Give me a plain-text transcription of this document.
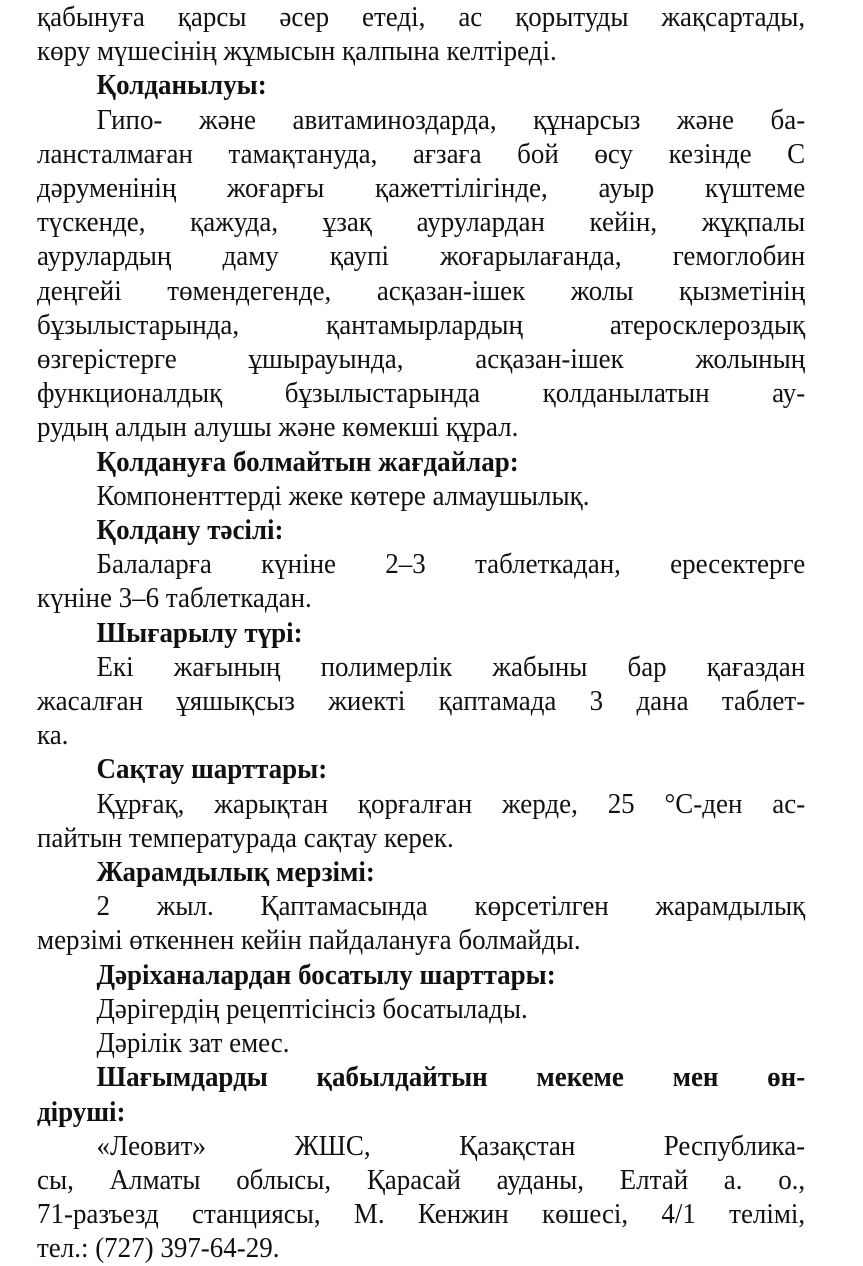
қабынуға қарсы әсер етеді, ас қорытуды жақсартады,
көру мүшесінің жұмысын қалпына келтіреді.
Қолданылуы:
Гипо- және авитаминоздарда, құнарсыз және ба-
лансталмаған тамақтануда, ағзаға бой өсу кезінде С
дәруменінің жоғарғы қажеттілігінде, ауыр күштеме
түскенде, қажуда, ұзақ аурулардан кейін, жұқпалы
аурулардың даму қаупі жоғарылағанда, гемоглобин
деңгейі төмендегенде, асқазан-ішек жолы қызметінің
бұзылыстарында, қантамырлардың атеросклероздық
өзгерістерге ұшырауында, асқазан-ішек жолының
функционалдық бұзылыстарында қолданылатын ау-
рудың алдын алушы және көмекші құрал.
Қолдануға болмайтын жағдайлар:
Компоненттерді жеке көтере алмаушылық.
Қолдану тәсілі:
Балаларға күніне 2–3 таблеткадан, ересектерге
күніне 3–6 таблеткадан.
Шығарылу түрі:
Екі жағының полимерлік жабыны бар қағаздан
жасалған ұяшықсыз жиекті қаптамада 3 дана таблет-
ка.
Сақтау шарттары:
Құрғақ, жарықтан қорғалған жерде, 25 °С-ден ас-
пайтын температурада сақтау керек.
Жарамдылық мерзімі:
2 жыл. Қаптамасында көрсетілген жарамдылық
мерзімі өткеннен кейін пайдалануға болмайды.
Дәріханалардан босатылу шарттары:
Дәрігердің рецептісінсіз босатылады.
Дәрілік зат емес.
Шағымдарды қабылдайтын мекеме мен өн-
діруші:
«Леовит» ЖШС, Қазақстан Республика-
сы, Алматы облысы, Қарасай ауданы, Елтай а. о.,
71-разъезд станциясы, М. Кенжин көшесі, 4/1 телімі,
тел.: (727) 397-64-29.
